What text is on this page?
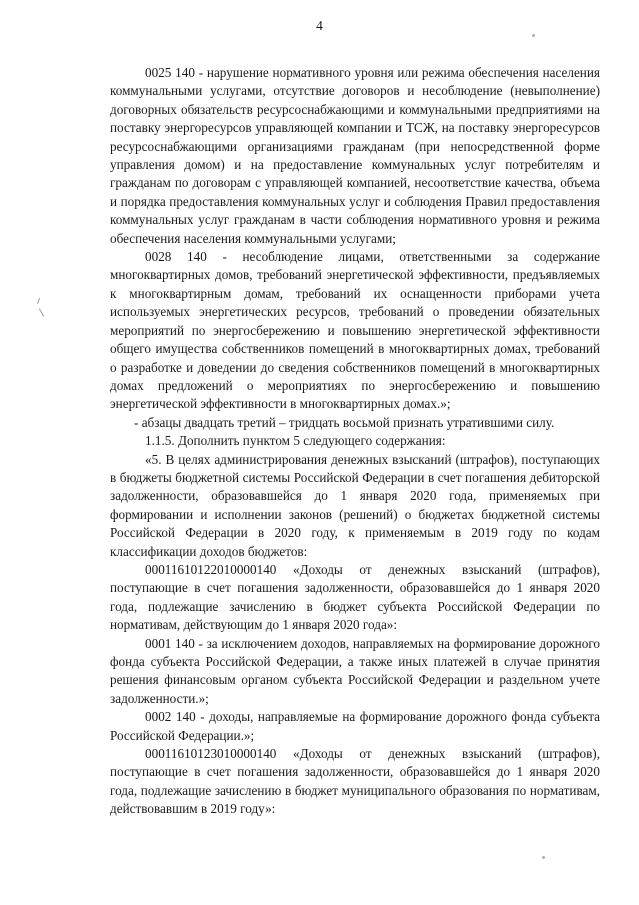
4

0025 140 - нарушение нормативного уровня или режима обеспечения населения коммунальными услугами, отсутствие договоров и несоблюдение (невыполнение) договорных обязательств ресурсоснабжающими и коммунальными предприятиями на поставку энергоресурсов управляющей компании и ТСЖ, на поставку энергоресурсов ресурсоснабжающими организациями гражданам (при непосредственной форме управления домом) и на предоставление коммунальных услуг потребителям и гражданам по договорам с управляющей компанией, несоответствие качества, объема и порядка предоставления коммунальных услуг и соблюдения Правил предоставления коммунальных услуг гражданам в части соблюдения нормативного уровня и режима обеспечения населения коммунальными услугами;

0028 140 - несоблюдение лицами, ответственными за содержание многоквартирных домов, требований энергетической эффективности, предъявляемых к многоквартирным домам, требований их оснащенности приборами учета используемых энергетических ресурсов, требований о проведении обязательных мероприятий по энергосбережению и повышению энергетической эффективности общего имущества собственников помещений в многоквартирных домах, требований о разработке и доведении до сведения собственников помещений в многоквартирных домах предложений о мероприятиях по энергосбережению и повышению энергетической эффективности в многоквартирных домах.»;

- абзацы двадцать третий – тридцать восьмой признать утратившими силу.

1.1.5. Дополнить пунктом 5 следующего содержания:

«5. В целях администрирования денежных взысканий (штрафов), поступающих в бюджеты бюджетной системы Российской Федерации в счет погашения дебиторской задолженности, образовавшейся до 1 января 2020 года, применяемых при формировании и исполнении законов (решений) о бюджетах бюджетной системы Российской Федерации в 2020 году, к применяемым в 2019 году по кодам классификации доходов бюджетов:

00011610122010000140 «Доходы от денежных взысканий (штрафов), поступающие в счет погашения задолженности, образовавшейся до 1 января 2020 года, подлежащие зачислению в бюджет субъекта Российской Федерации по нормативам, действующим до 1 января 2020 года»:

0001 140 - за исключением доходов, направляемых на формирование дорожного фонда субъекта Российской Федерации, а также иных платежей в случае принятия решения финансовым органом субъекта Российской Федерации и раздельном учете задолженности.»;

0002 140 - доходы, направляемые на формирование дорожного фонда субъекта Российской Федерации.»;

00011610123010000140 «Доходы от денежных взысканий (штрафов), поступающие в счет погашения задолженности, образовавшейся до 1 января 2020 года, подлежащие зачислению в бюджет муниципального образования по нормативам, действовавшим в 2019 году»:
